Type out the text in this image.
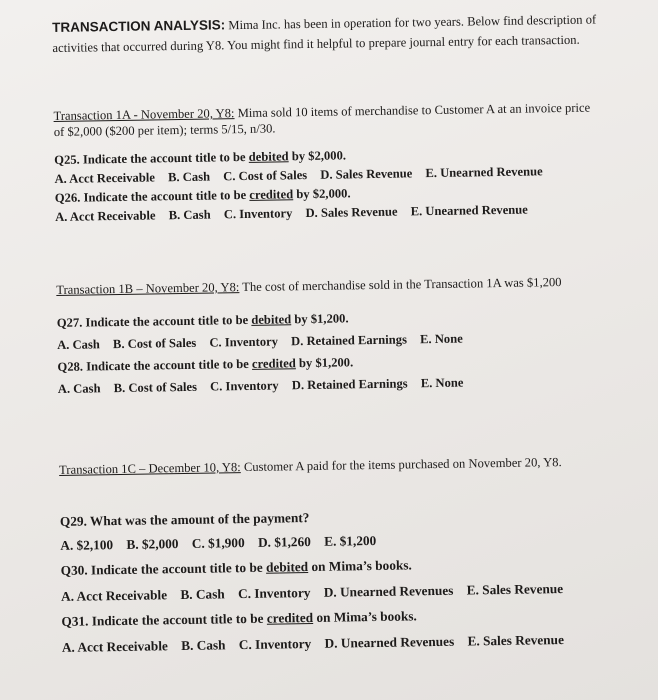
TRANSACTION ANALYSIS: Mima Inc. has been in operation for two years. Below find description of activities that occurred during Y8. You might find it helpful to prepare journal entry for each transaction.
Transaction 1A - November 20, Y8: Mima sold 10 items of merchandise to Customer A at an invoice price of $2,000 ($200 per item); terms 5/15, n/30.
Q25. Indicate the account title to be debited by $2,000.
A. Acct Receivable B. Cash C. Cost of Sales D. Sales Revenue E. Unearned Revenue
Q26. Indicate the account title to be credited by $2,000.
A. Acct Receivable B. Cash C. Inventory D. Sales Revenue E. Unearned Revenue
Transaction 1B – November 20, Y8: The cost of merchandise sold in the Transaction 1A was $1,200
Q27. Indicate the account title to be debited by $1,200.
A. Cash B. Cost of Sales C. Inventory D. Retained Earnings E. None
Q28. Indicate the account title to be credited by $1,200.
A. Cash B. Cost of Sales C. Inventory D. Retained Earnings E. None
Transaction 1C – December 10, Y8: Customer A paid for the items purchased on November 20, Y8.
Q29. What was the amount of the payment?
A. $2,100 B. $2,000 C. $1,900 D. $1,260 E. $1,200
Q30. Indicate the account title to be debited on Mima’s books.
A. Acct Receivable B. Cash C. Inventory D. Unearned Revenues E. Sales Revenue
Q31. Indicate the account title to be credited on Mima’s books.
A. Acct Receivable B. Cash C. Inventory D. Unearned Revenues E. Sales Revenue
